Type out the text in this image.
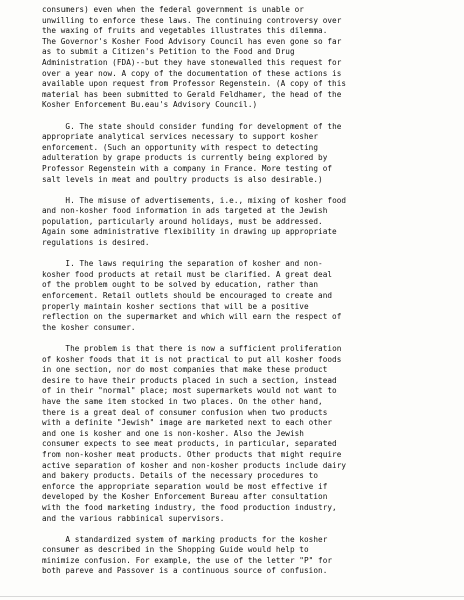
consumers) even when the federal government is unable or
unwilling to enforce these laws. The continuing controversy over
the waxing of fruits and vegetables illustrates this dilemma.
The Governor's Kosher Food Advisory Council has even gone so far
as to submit a Citizen's Petition to the Food and Drug
Administration (FDA)--but they have stonewalled this request for
over a year now. A copy of the documentation of these actions is
available upon request from Professor Regenstein. (A copy of this
material has been submitted to Gerald Feldhamer, the head of the
Kosher Enforcement Bu.eau's Advisory Council.)

G. The state should consider funding for development of the
appropriate analytical services necessary to support kosher
enforcement. (Such an opportunity with respect to detecting
adulteration by grape products is currently being explored by
Professor Regenstein with a company in France. More testing of
salt levels in meat and poultry products is also desirable.)

H. The misuse of advertisements, i.e., mixing of kosher food
and non-kosher food information in ads targeted at the Jewish
population, particularly around holidays, must be addressed.
Again some administrative flexibility in drawing up appropriate
regulations is desired.

I. The laws requiring the separation of kosher and non-
kosher food products at retail must be clarified. A great deal
of the problem ought to be solved by education, rather than
enforcement. Retail outlets should be encouraged to create and
properly maintain kosher sections that will be a positive
reflection on the supermarket and which will earn the respect of
the kosher consumer.

The problem is that there is now a sufficient proliferation
of kosher foods that it is not practical to put all kosher foods
in one section, nor do most companies that make these product
desire to have their products placed in such a section, instead
of in their "normal" place; most supermarkets would not want to
have the same item stocked in two places. On the other hand,
there is a great deal of consumer confusion when two products
with a definite "Jewish" image are marketed next to each other
and one is kosher and one is non-kosher. Also the Jewish
consumer expects to see meat products, in particular, separated
from non-kosher meat products. Other products that might require
active separation of kosher and non-kosher products include dairy
and bakery products. Details of the necessary procedures to
enforce the appropriate separation would be most effective if
developed by the Kosher Enforcement Bureau after consultation
with the food marketing industry, the food production industry,
and the various rabbinical supervisors.

A standardized system of marking products for the kosher
consumer as described in the Shopping Guide would help to
minimize confusion. For example, the use of the letter "P" for
both pareve and Passover is a continuous source of confusion.
